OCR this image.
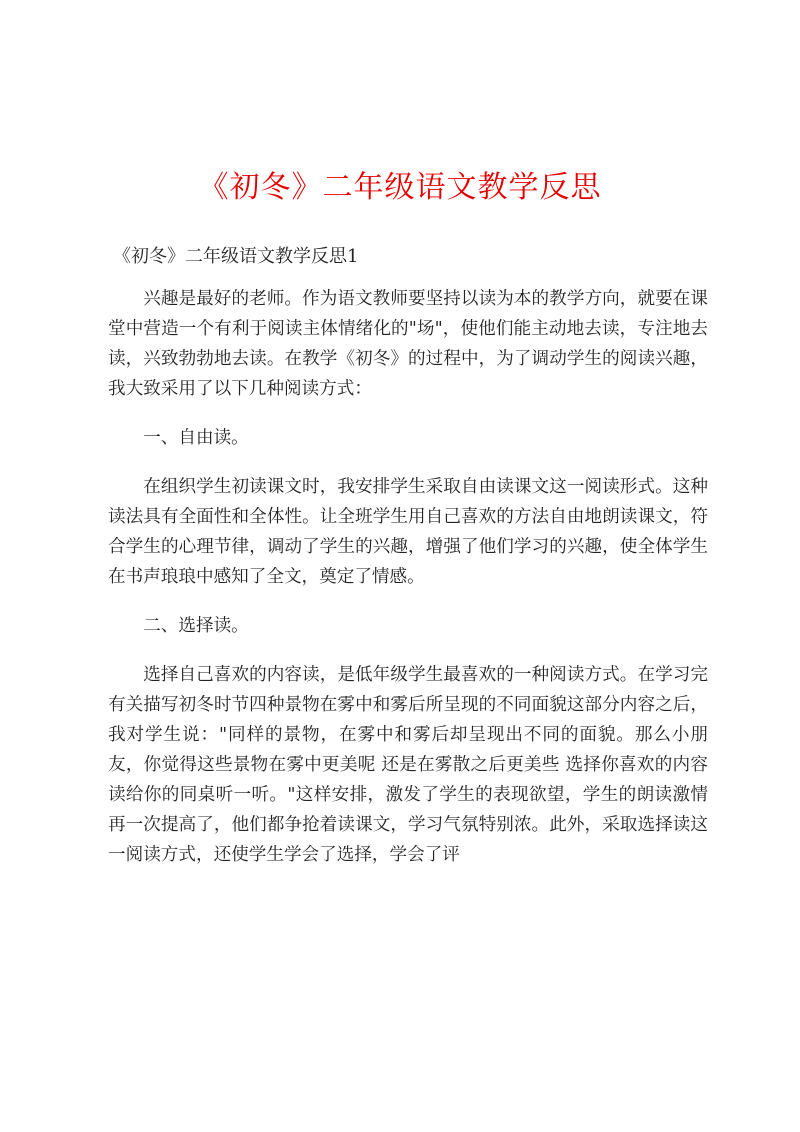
《初冬》二年级语文教学反思
《初冬》二年级语文教学反思1

兴趣是最好的老师。作为语文教师要坚持以读为本的教学方向，就要在课堂中营造一个有利于阅读主体情绪化的"场"，使他们能主动地去读，专注地去读，兴致勃勃地去读。在教学《初冬》的过程中，为了调动学生的阅读兴趣，我大致采用了以下几种阅读方式：

一、自由读。

在组织学生初读课文时，我安排学生采取自由读课文这一阅读形式。这种读法具有全面性和全体性。让全班学生用自己喜欢的方法自由地朗读课文，符合学生的心理节律，调动了学生的兴趣，增强了他们学习的兴趣，使全体学生在书声琅琅中感知了全文，奠定了情感。

二、选择读。

选择自己喜欢的内容读，是低年级学生最喜欢的一种阅读方式。在学习完有关描写初冬时节四种景物在雾中和雾后所呈现的不同面貌这部分内容之后，我对学生说："同样的景物，在雾中和雾后却呈现出不同的面貌。那么小朋友，你觉得这些景物在雾中更美呢 还是在雾散之后更美些 选择你喜欢的内容读给你的同桌听一听。"这样安排，激发了学生的表现欲望，学生的朗读激情再一次提高了，他们都争抢着读课文，学习气氛特别浓。此外，采取选择读这一阅读方式，还使学生学会了选择，学会了评
